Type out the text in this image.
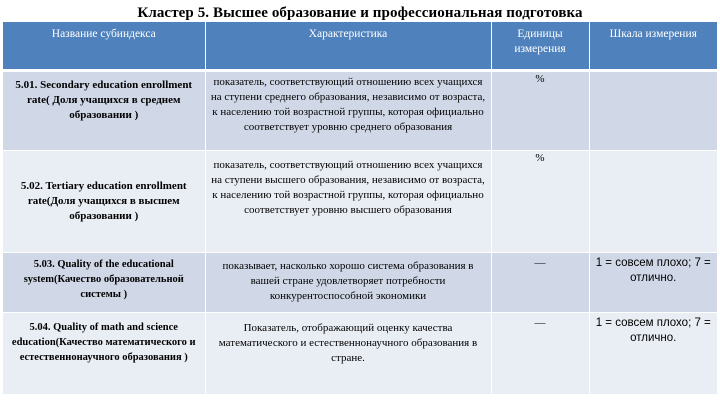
Кластер 5. Высшее образование и профессиональная подготовка
Название субиндекса	Характеристика	Единицы измерения	Шкала измерения
5.01. Secondary education enrollment rate( Доля учащихся в среднем образовании )	показатель, соответствующий отношению всех учащихся на ступени среднего образования, независимо от возраста, к населению той возрастной группы, которая официально соответствует уровню среднего образования	%	
5.02. Tertiary education enrollment rate(Доля учащихся в высшем образовании )	показатель, соответствующий отношению всех учащихся на ступени высшего образования, независимо от возраста, к населению той возрастной группы, которая официально соответствует уровню высшего образования	%	
5.03. Quality of the educational system(Качество образовательной системы )	показывает, насколько хорошо система образования в вашей стране удовлетворяет потребности конкурентоспособной экономики	––	1 = совсем плохо; 7 = отлично.
5.04. Quality of math and science education(Качество математического и естественнонаучного образования )	Показатель, отображающий оценку качества математического и естественнонаучного образования в стране.	––	1 = совсем плохо; 7 = отлично.
